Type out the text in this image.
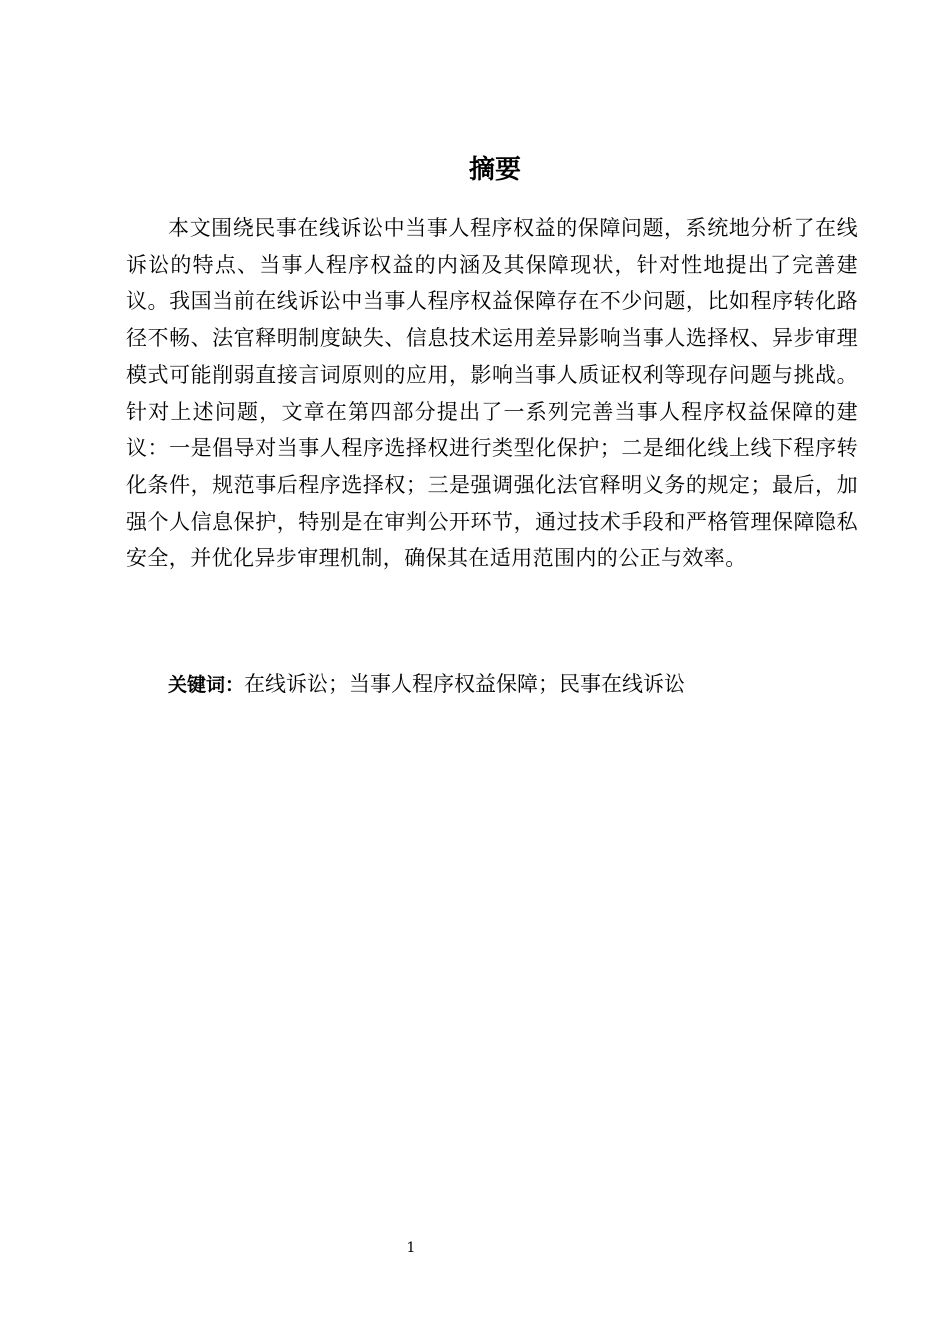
摘要

本文围绕民事在线诉讼中当事人程序权益的保障问题，系统地分析了在线诉讼的特点、当事人程序权益的内涵及其保障现状，针对性地提出了完善建议。我国当前在线诉讼中当事人程序权益保障存在不少问题，比如程序转化路径不畅、法官释明制度缺失、信息技术运用差异影响当事人选择权、异步审理模式可能削弱直接言词原则的应用，影响当事人质证权利等现存问题与挑战。针对上述问题，文章在第四部分提出了一系列完善当事人程序权益保障的建议：一是倡导对当事人程序选择权进行类型化保护；二是细化线上线下程序转化条件，规范事后程序选择权；三是强调强化法官释明义务的规定；最后，加强个人信息保护，特别是在审判公开环节，通过技术手段和严格管理保障隐私安全，并优化异步审理机制，确保其在适用范围内的公正与效率。

关键词：在线诉讼；当事人程序权益保障；民事在线诉讼
1
